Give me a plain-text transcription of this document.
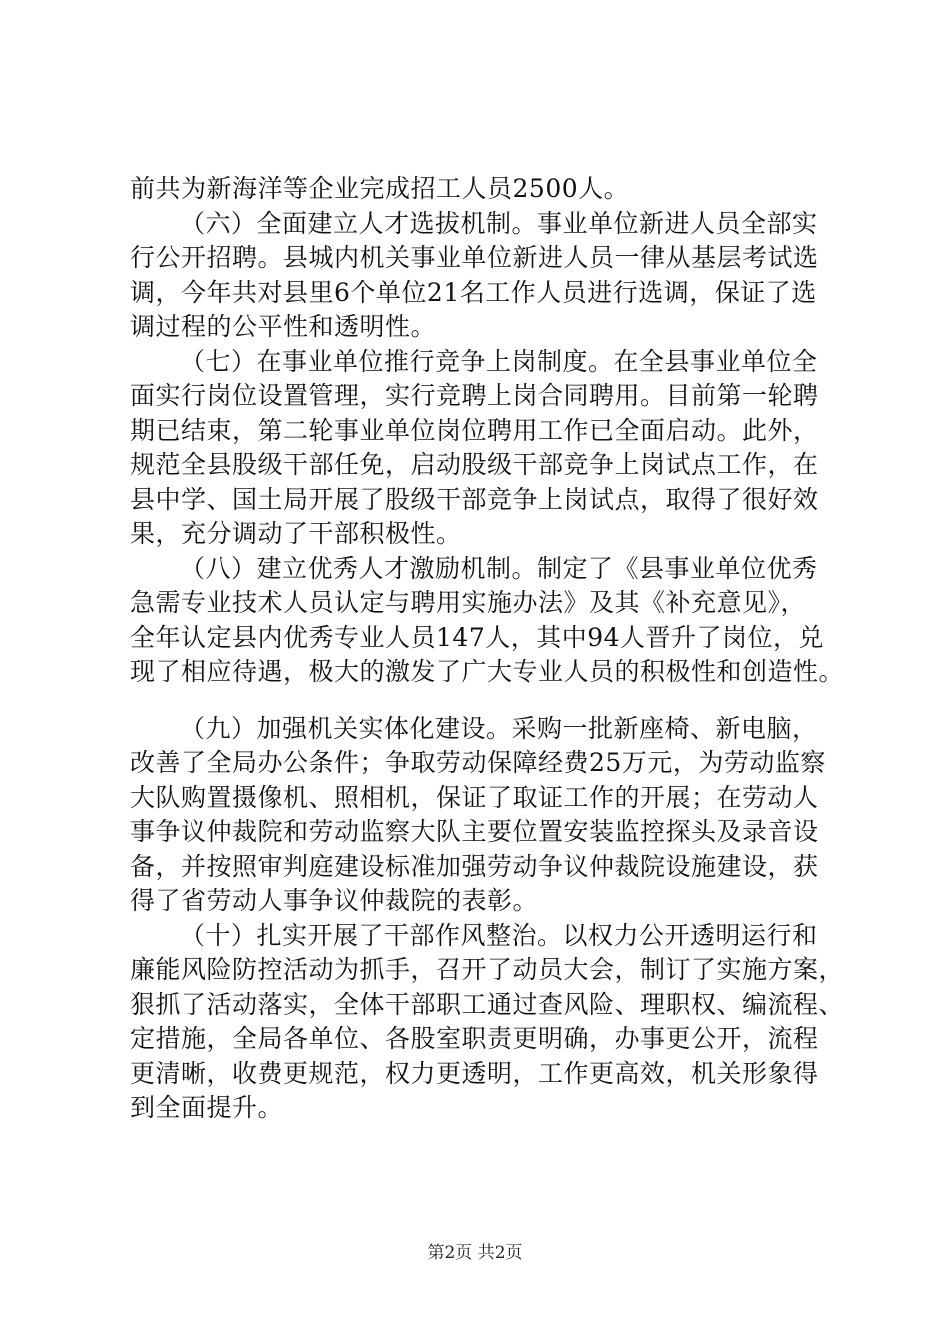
前共为新海洋等企业完成招工人员2500人。
（六）全面建立人才选拔机制。事业单位新进人员全部实
行公开招聘。县城内机关事业单位新进人员一律从基层考试选
调，今年共对县里6个单位21名工作人员进行选调，保证了选
调过程的公平性和透明性。
（七）在事业单位推行竞争上岗制度。在全县事业单位全
面实行岗位设置管理，实行竞聘上岗合同聘用。目前第一轮聘
期已结束，第二轮事业单位岗位聘用工作已全面启动。此外，
规范全县股级干部任免，启动股级干部竞争上岗试点工作，在
县中学、国土局开展了股级干部竞争上岗试点，取得了很好效
果，充分调动了干部积极性。
（八）建立优秀人才激励机制。制定了《县事业单位优秀
急需专业技术人员认定与聘用实施办法》及其《补充意见》，
全年认定县内优秀专业人员147人，其中94人晋升了岗位，兑
现了相应待遇，极大的激发了广大专业人员的积极性和创造性。
（九）加强机关实体化建设。采购一批新座椅、新电脑，
改善了全局办公条件；争取劳动保障经费25万元，为劳动监察
大队购置摄像机、照相机，保证了取证工作的开展；在劳动人
事争议仲裁院和劳动监察大队主要位置安装监控探头及录音设
备，并按照审判庭建设标准加强劳动争议仲裁院设施建设，获
得了省劳动人事争议仲裁院的表彰。
（十）扎实开展了干部作风整治。以权力公开透明运行和
廉能风险防控活动为抓手，召开了动员大会，制订了实施方案，
狠抓了活动落实，全体干部职工通过查风险、理职权、编流程、
定措施，全局各单位、各股室职责更明确，办事更公开，流程
更清晰，收费更规范，权力更透明，工作更高效，机关形象得
到全面提升。
第2页 共2页
